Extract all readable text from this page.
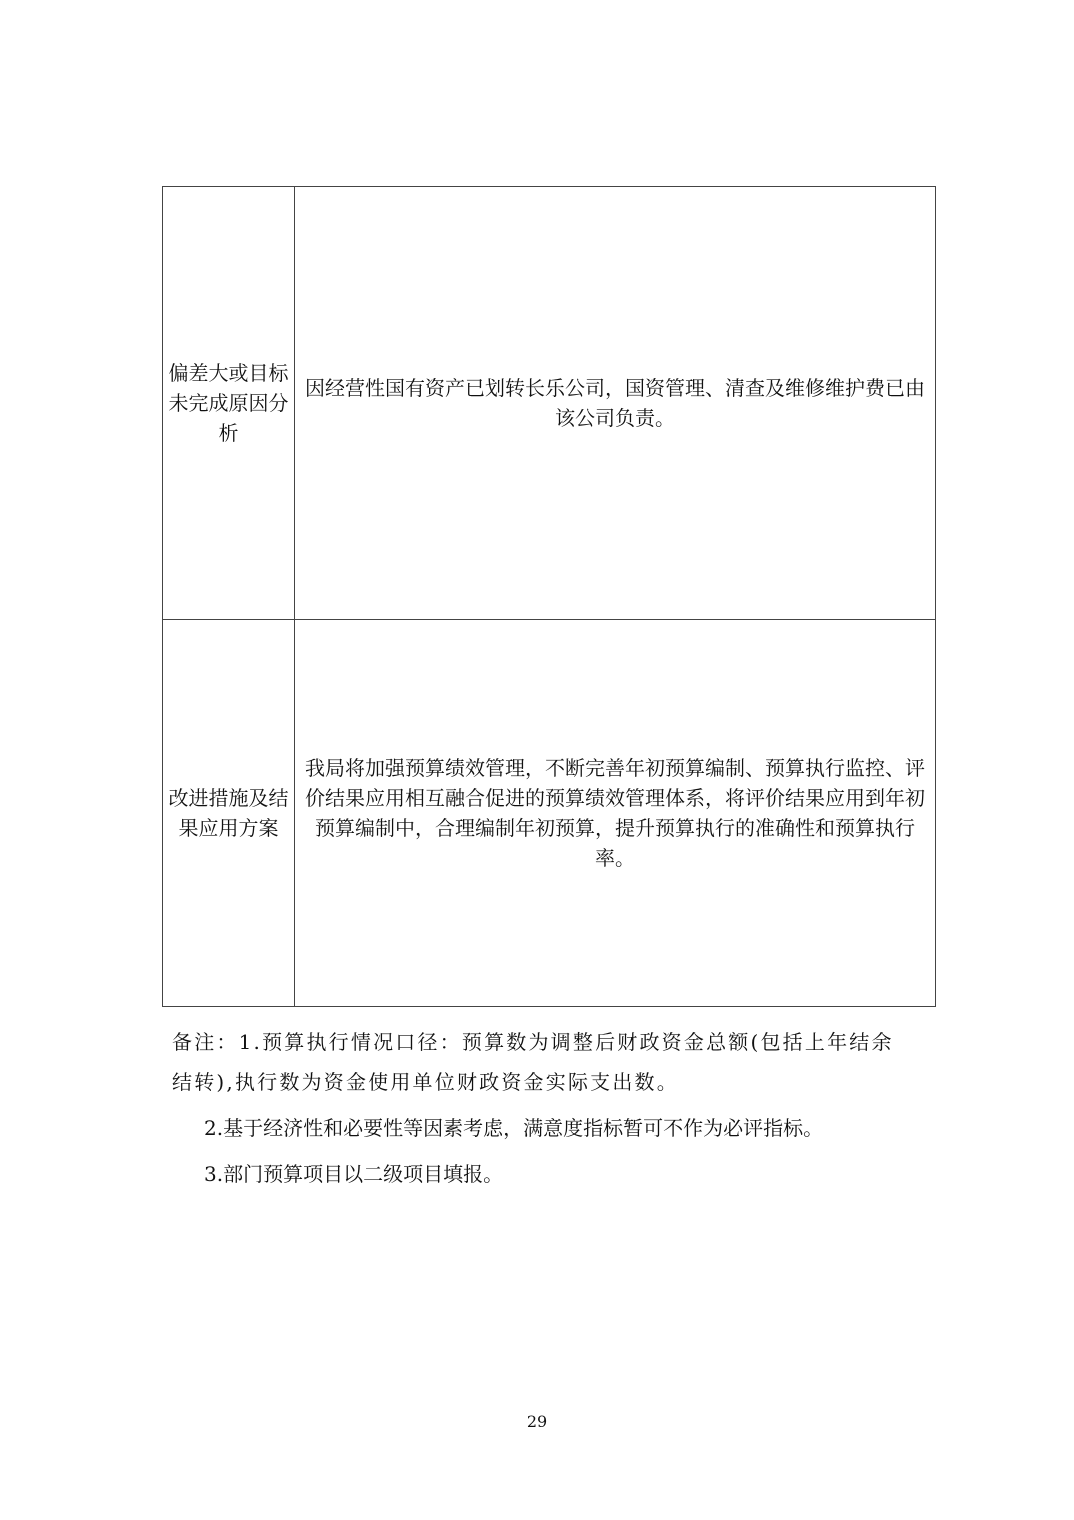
偏差大或目标未完成原因分析	因经营性国有资产已划转长乐公司，国资管理、清查及维修维护费已由该公司负责。

改进措施及结果应用方案	我局将加强预算绩效管理，不断完善年初预算编制、预算执行监控、评价结果应用相互融合促进的预算绩效管理体系，将评价结果应用到年初预算编制中，合理编制年初预算，提升预算执行的准确性和预算执行率。

备注：1.预算执行情况口径：预算数为调整后财政资金总额(包括上年结余结转),执行数为资金使用单位财政资金实际支出数。

2.基于经济性和必要性等因素考虑，满意度指标暂可不作为必评指标。

3.部门预算项目以二级项目填报。

29
